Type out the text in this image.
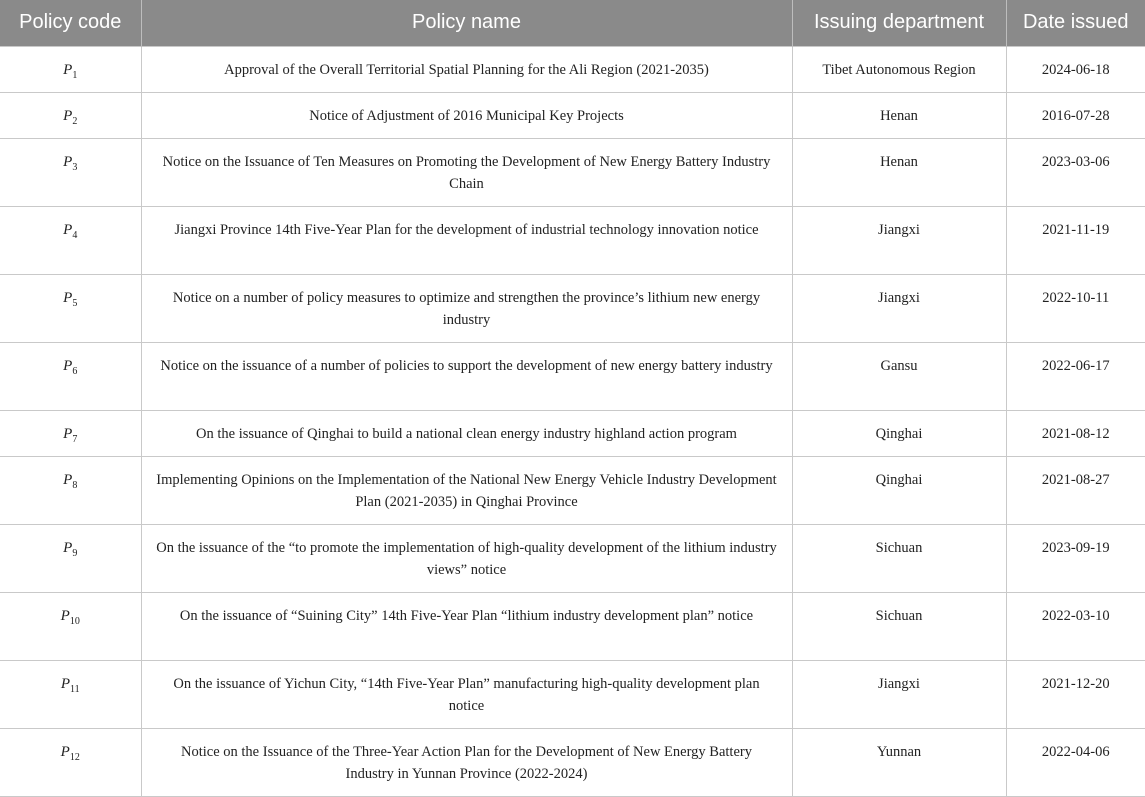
Policy code	Policy name	Issuing department	Date issued
$P_1$	Approval of the Overall Territorial Spatial Planning for the Ali Region (2021-2035)	Tibet Autonomous Region	2024-06-18
$P_2$	Notice of Adjustment of 2016 Municipal Key Projects	Henan	2016-07-28
$P_3$	Notice on the Issuance of Ten Measures on Promoting the Development of New Energy Battery Industry Chain	Henan	2023-03-06
$P_4$	Jiangxi Province 14th Five-Year Plan for the development of industrial technology innovation notice	Jiangxi	2021-11-19
$P_5$	Notice on a number of policy measures to optimize and strengthen the province’s lithium new energy industry	Jiangxi	2022-10-11
$P_6$	Notice on the issuance of a number of policies to support the development of new energy battery industry	Gansu	2022-06-17
$P_7$	On the issuance of Qinghai to build a national clean energy industry highland action program	Qinghai	2021-08-12
$P_8$	Implementing Opinions on the Implementation of the National New Energy Vehicle Industry Development Plan (2021-2035) in Qinghai Province	Qinghai	2021-08-27
$P_9$	On the issuance of the “to promote the implementation of high-quality development of the lithium industry views” notice	Sichuan	2023-09-19
$P_{10}$	On the issuance of “Suining City” 14th Five-Year Plan “lithium industry development plan” notice	Sichuan	2022-03-10
$P_{11}$	On the issuance of Yichun City, “14th Five-Year Plan” manufacturing high-quality development plan notice	Jiangxi	2021-12-20
$P_{12}$	Notice on the Issuance of the Three-Year Action Plan for the Development of New Energy Battery Industry in Yunnan Province (2022-2024)	Yunnan	2022-04-06
